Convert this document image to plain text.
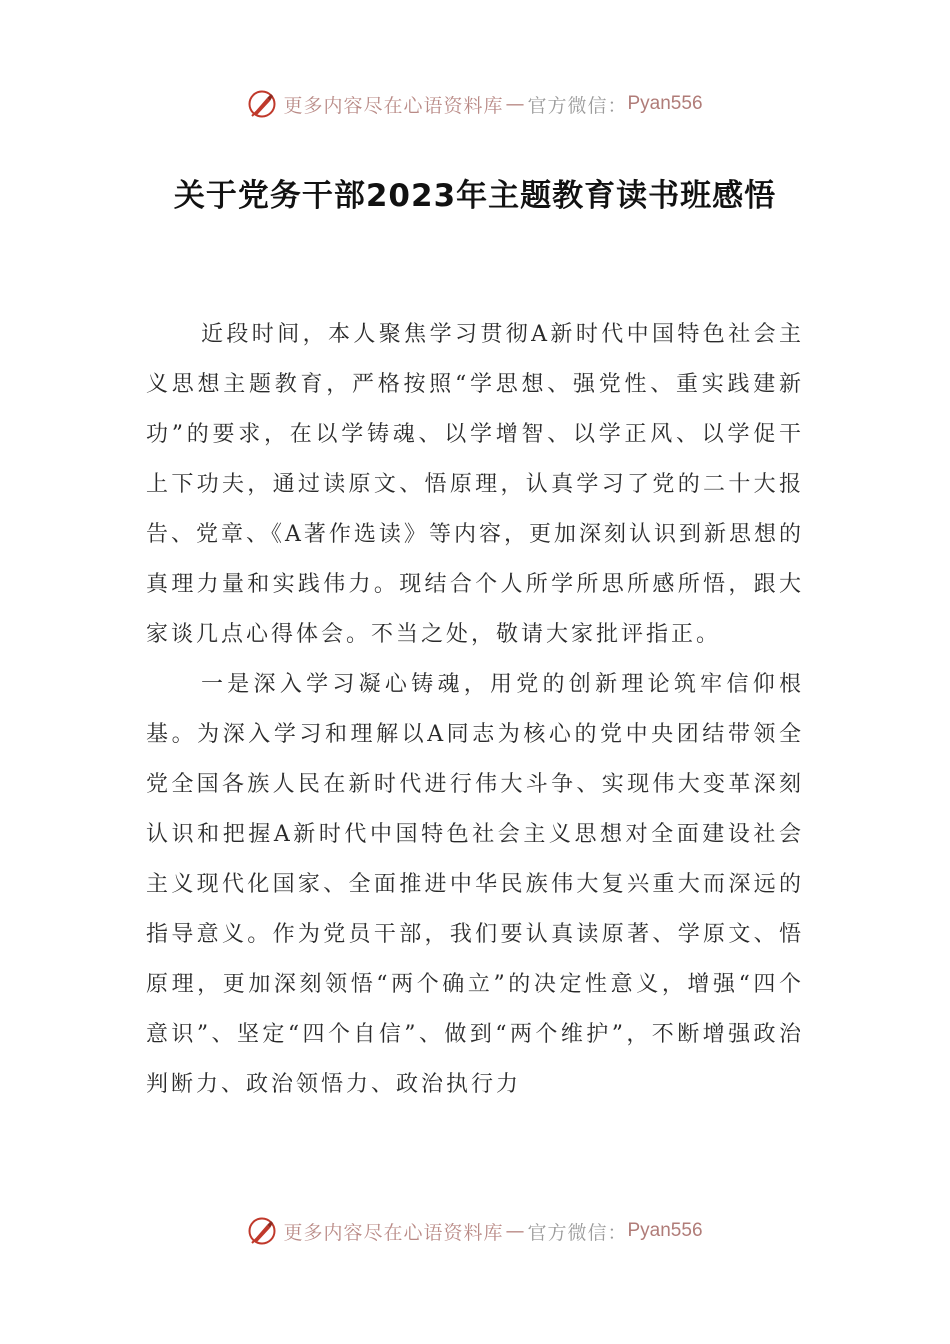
更多内容尽在心语资料库 — 官方微信： Pyan556
关于党务干部2023年主题教育读书班感悟

近段时间，本人聚焦学习贯彻A新时代中国特色社会主义思想主题教育，严格按照“学思想、强党性、重实践建新功”的要求，在以学铸魂、以学增智、以学正风、以学促干上下功夫，通过读原文、悟原理，认真学习了党的二十大报告、党章、《A著作选读》等内容，更加深刻认识到新思想的真理力量和实践伟力。现结合个人所学所思所感所悟，跟大家谈几点心得体会。不当之处，敬请大家批评指正。

一是深入学习凝心铸魂，用党的创新理论筑牢信仰根基。为深入学习和理解以A同志为核心的党中央团结带领全党全国各族人民在新时代进行伟大斗争、实现伟大变革深刻认识和把握A新时代中国特色社会主义思想对全面建设社会主义现代化国家、全面推进中华民族伟大复兴重大而深远的指导意义。作为党员干部，我们要认真读原著、学原文、悟原理，更加深刻领悟“两个确立”的决定性意义，增强“四个意识”、坚定“四个自信”、做到“两个维护”，不断增强政治判断力、政治领悟力、政治执行力

更多内容尽在心语资料库 — 官方微信： Pyan556
